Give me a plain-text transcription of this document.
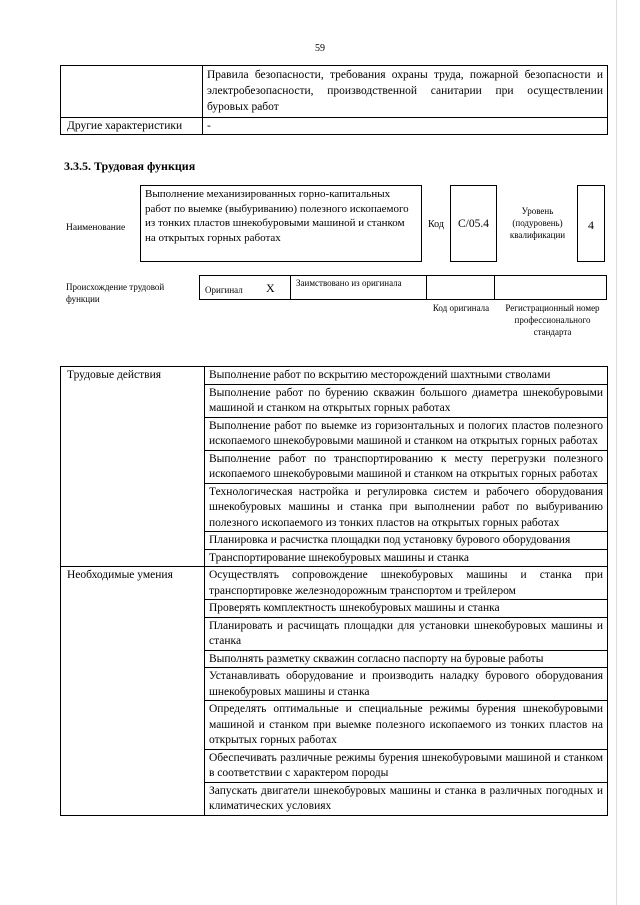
59
	Правила безопасности, требования охраны труда, пожарной безопасности и электробезопасности, производственной санитарии при осуществлении буровых работ
Другие характеристики	-
3.3.5. Трудовая функция
Наименование
Выполнение механизированных горно-капитальных работ по выемке (выбуриванию) полезного ископаемого из тонких пластов шнекобуровыми машиной и станком на открытых горных работах
Код	C/05.4
Уровень (подуровень) квалификации
4
Происхождение трудовой функции
Оригинал X Заимствовано из оригинала
Код оригинала	Регистрационный номер профессионального стандарта
Трудовые действия	Выполнение работ по вскрытию месторождений шахтными стволами
	Выполнение работ по бурению скважин большого диаметра шнекобуровыми машиной и станком на открытых горных работах
	Выполнение работ по выемке из горизонтальных и пологих пластов полезного ископаемого шнекобуровыми машиной и станком на открытых горных работах
	Выполнение работ по транспортированию к месту перегрузки полезного ископаемого шнекобуровыми машиной и станком на открытых горных работах
	Технологическая настройка и регулировка систем и рабочего оборудования шнекобуровых машины и станка при выполнении работ по выбуриванию полезного ископаемого из тонких пластов на открытых горных работах
	Планировка и расчистка площадки под установку бурового оборудования
	Транспортирование шнекобуровых машины и станка
Необходимые умения	Осуществлять сопровождение шнекобуровых машины и станка при транспортировке железнодорожным транспортом и трейлером
	Проверять комплектность шнекобуровых машины и станка
	Планировать и расчищать площадки для установки шнекобуровых машины и станка
	Выполнять разметку скважин согласно паспорту на буровые работы
	Устанавливать оборудование и производить наладку бурового оборудования шнекобуровых машины и станка
	Определять оптимальные и специальные режимы бурения шнекобуровыми машиной и станком при выемке полезного ископаемого из тонких пластов на открытых горных работах
	Обеспечивать различные режимы бурения шнекобуровыми машиной и станком в соответствии с характером породы
	Запускать двигатели шнекобуровых машины и станка в различных погодных и климатических условиях
